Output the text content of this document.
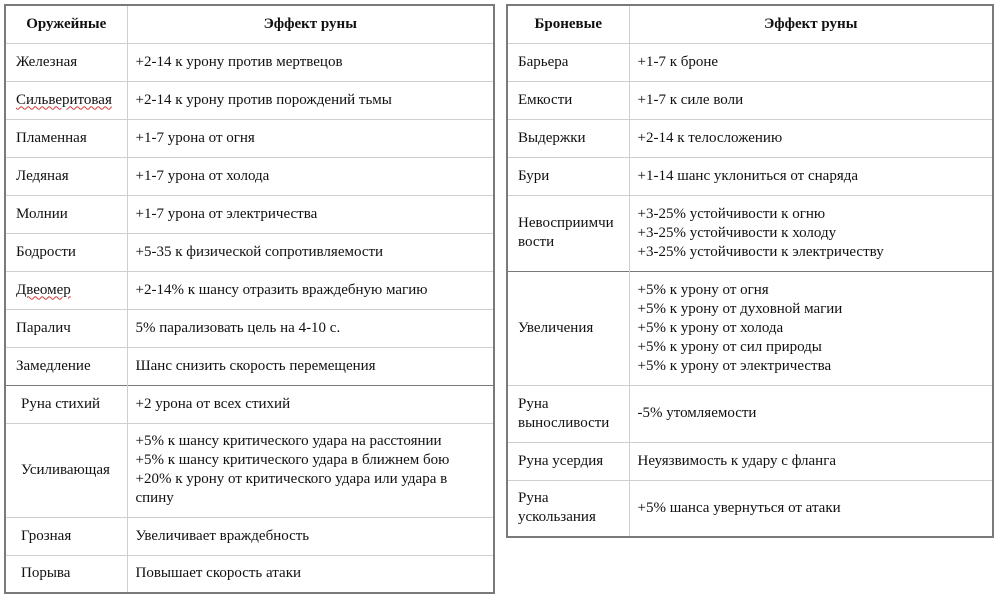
Оружейные	Эффект руны
Железная	+2-14 к урону против мертвецов

Сильверитовая	+2-14 к урону против порождений тьмы

Пламенная	+1-7 урона от огня

Ледяная	+1-7 урона от холода

Молнии	+1-7 урона от электричества

Бодрости	+5-35 к физической сопротивляемости

Двеомер	+2-14% к шансу отразить враждебную магию

Паралич	5% парализовать цель на 4-10 с.

Замедление	Шанс снизить скорость перемещения

Руна стихий	+2 урона от всех стихий

Усиливающая	+5% к шансу критического удара на расстоянии
+5% к шансу критического удара в ближнем бою
+20% к урону от критического удара или удара в спину

Грозная	Увеличивает враждебность

Порыва	Повышает скорость атаки
Броневые	Эффект руны
Барьера	+1-7 к броне

Емкости	+1-7 к силе воли

Выдержки	+2-14 к телосложению

Бури	+1-14 шанс уклониться от снаряда

Невосприимчивости	+3-25% устойчивости к огню
+3-25% устойчивости к холоду
+3-25% устойчивости к электричеству

Увеличения	+5% к урону от огня
+5% к урону от духовной магии
+5% к урону от холода
+5% к урону от сил природы
+5% к урону от электричества

Руна выносливости	-5% утомляемости

Руна усердия	Неуязвимость к удару с фланга

Руна ускользания	+5% шанса увернуться от атаки
